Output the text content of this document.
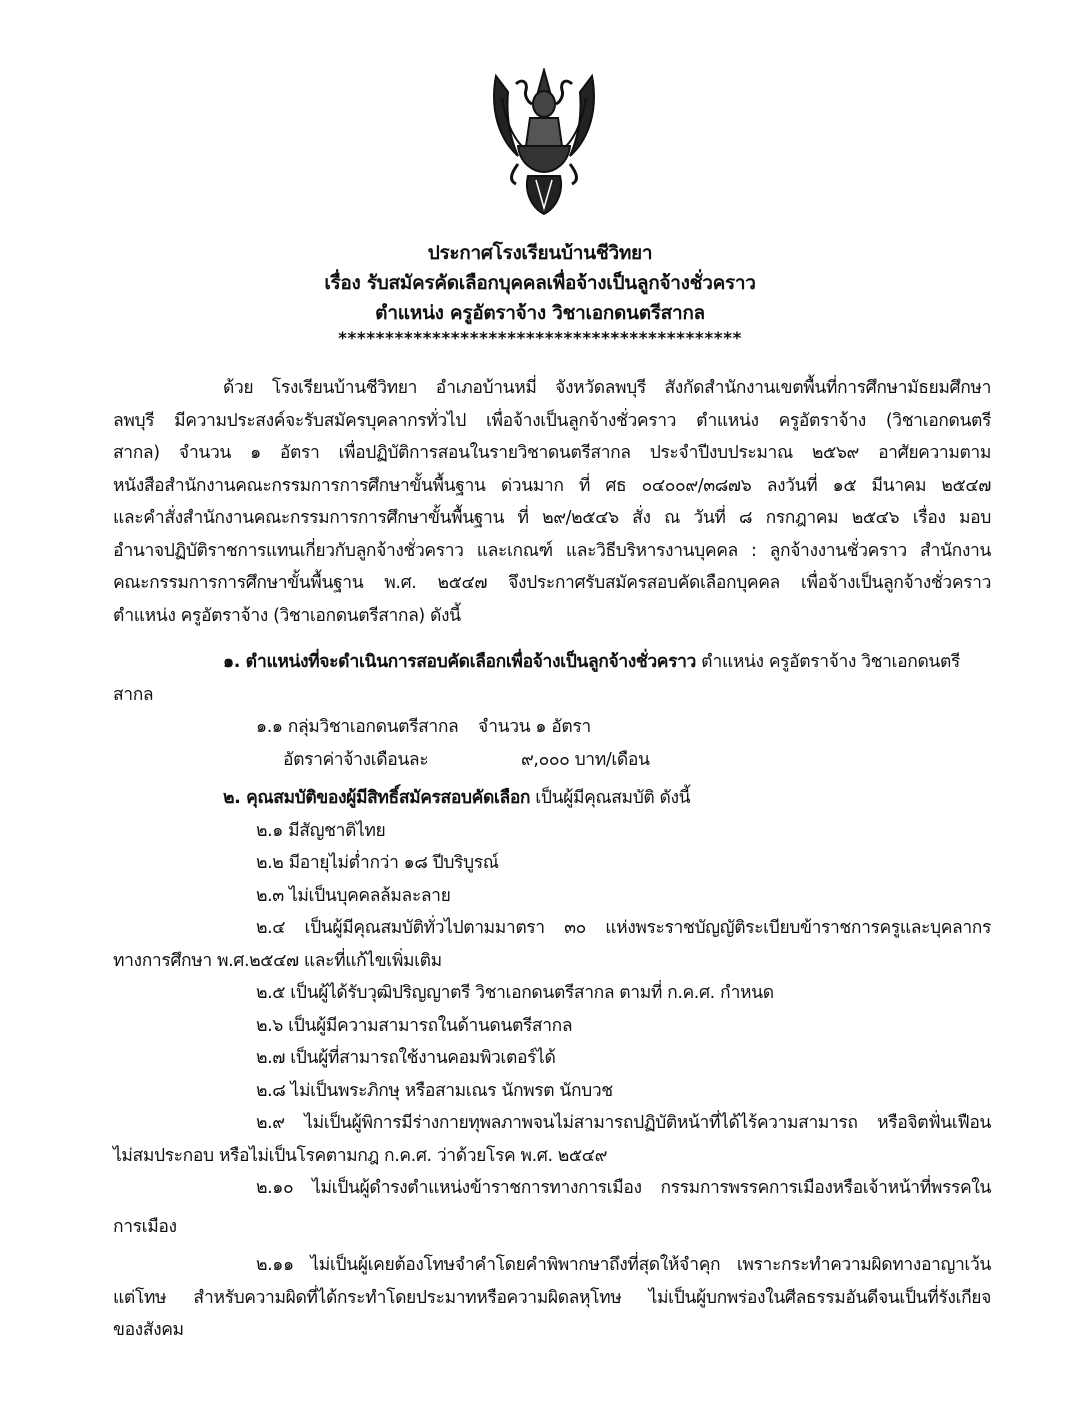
ประกาศโรงเรียนบ้านชีวิทยา
เรื่อง รับสมัครคัดเลือกบุคคลเพื่อจ้างเป็นลูกจ้างชั่วคราว
ตำแหน่ง ครูอัตราจ้าง วิชาเอกดนตรีสากล
*******************************************
ด้วย โรงเรียนบ้านชีวิทยา อำเภอบ้านหมี่ จังหวัดลพบุรี สังกัดสำนักงานเขตพื้นที่การศึกษามัธยมศึกษา
ลพบุรี มีความประสงค์จะรับสมัครบุคลากรทั่วไป เพื่อจ้างเป็นลูกจ้างชั่วคราว ตำแหน่ง ครูอัตราจ้าง (วิชาเอกดนตรี
สากล) จำนวน ๑ อัตรา เพื่อปฏิบัติการสอนในรายวิชาดนตรีสากล ประจำปีงบประมาณ ๒๕๖๙ อาศัยความตาม
หนังสือสำนักงานคณะกรรมการการศึกษาขั้นพื้นฐาน ด่วนมาก ที่ ศธ ๐๔๐๐๙/๓๘๗๖ ลงวันที่ ๑๕ มีนาคม ๒๕๔๗
และคำสั่งสำนักงานคณะกรรมการการศึกษาขั้นพื้นฐาน ที่ ๒๙/๒๕๔๖ สั่ง ณ วันที่ ๘ กรกฎาคม ๒๕๔๖ เรื่อง มอบ
อำนาจปฏิบัติราชการแทนเกี่ยวกับลูกจ้างชั่วคราว และเกณฑ์ และวิธีบริหารงานบุคคล : ลูกจ้างงานชั่วคราว สำนักงาน
คณะกรรมการการศึกษาขั้นพื้นฐาน พ.ศ. ๒๕๔๗ จึงประกาศรับสมัครสอบคัดเลือกบุคคล เพื่อจ้างเป็นลูกจ้างชั่วคราว
ตำแหน่ง ครูอัตราจ้าง (วิชาเอกดนตรีสากล) ดังนี้
๑. ตำแหน่งที่จะดำเนินการสอบคัดเลือกเพื่อจ้างเป็นลูกจ้างชั่วคราว ตำแหน่ง ครูอัตราจ้าง วิชาเอกดนตรี
สากล
๑.๑ กลุ่มวิชาเอกดนตรีสากล จำนวน ๑ อัตรา
อัตราค่าจ้างเดือนละ	๙,๐๐๐ บาท/เดือน
๒. คุณสมบัติของผู้มีสิทธิ์สมัครสอบคัดเลือก เป็นผู้มีคุณสมบัติ ดังนี้
๒.๑ มีสัญชาติไทย
๒.๒ มีอายุไม่ต่ำกว่า ๑๘ ปีบริบูรณ์
๒.๓ ไม่เป็นบุคคลล้มละลาย
๒.๔ เป็นผู้มีคุณสมบัติทั่วไปตามมาตรา ๓๐ แห่งพระราชบัญญัติระเบียบข้าราชการครูและบุคลากร
ทางการศึกษา พ.ศ.๒๕๔๗ และที่แก้ไขเพิ่มเติม
๒.๕ เป็นผู้ได้รับวุฒิปริญญาตรี วิชาเอกดนตรีสากล ตามที่ ก.ค.ศ. กำหนด
๒.๖ เป็นผู้มีความสามารถในด้านดนตรีสากล
๒.๗ เป็นผู้ที่สามารถใช้งานคอมพิวเตอร์ได้
๒.๘ ไม่เป็นพระภิกษุ หรือสามเณร นักพรต นักบวช
๒.๙ ไม่เป็นผู้พิการมีร่างกายทุพลภาพจนไม่สามารถปฏิบัติหน้าที่ได้ไร้ความสามารถ หรือจิตฟั่นเฟือน
ไม่สมประกอบ หรือไม่เป็นโรคตามกฎ ก.ค.ศ. ว่าด้วยโรค พ.ศ. ๒๕๔๙
๒.๑๐ ไม่เป็นผู้ดำรงตำแหน่งข้าราชการทางการเมือง กรรมการพรรคการเมืองหรือเจ้าหน้าที่พรรคใน
การเมือง
๒.๑๑ ไม่เป็นผู้เคยต้องโทษจำคำโดยคำพิพากษาถึงที่สุดให้จำคุก เพราะกระทำความผิดทางอาญาเว้น
แต่โทษ สำหรับความผิดที่ได้กระทำโดยประมาทหรือความผิดลหุโทษ ไม่เป็นผู้บกพร่องในศีลธรรมอันดีจนเป็นที่รังเกียจ
ของสังคม
